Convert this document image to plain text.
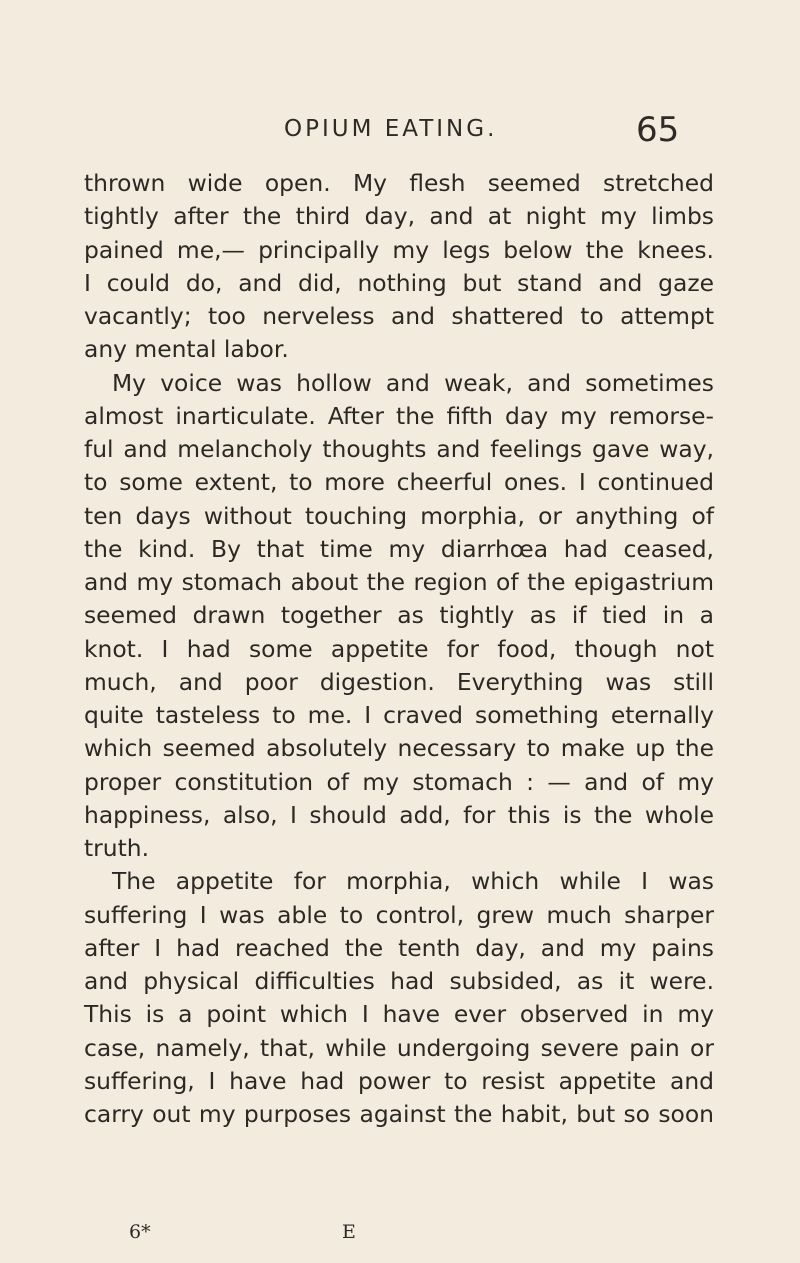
OPIUM EATING.	65
thrown wide open. My flesh seemed stretched
tightly after the third day, and at night my limbs
pained me,— principally my legs below the knees.
I could do, and did, nothing but stand and gaze
vacantly; too nerveless and shattered to attempt
any mental labor.
My voice was hollow and weak, and sometimes
almost inarticulate. After the fifth day my remorse-
ful and melancholy thoughts and feelings gave way,
to some extent, to more cheerful ones. I continued
ten days without touching morphia, or anything of
the kind. By that time my diarrhœa had ceased,
and my stomach about the region of the epigastrium
seemed drawn together as tightly as if tied in a
knot. I had some appetite for food, though not
much, and poor digestion. Everything was still
quite tasteless to me. I craved something eternally
which seemed absolutely necessary to make up the
proper constitution of my stomach : — and of my
happiness, also, I should add, for this is the whole
truth.
The appetite for morphia, which while I was
suffering I was able to control, grew much sharper
after I had reached the tenth day, and my pains
and physical difficulties had subsided, as it were.
This is a point which I have ever observed in my
case, namely, that, while undergoing severe pain or
suffering, I have had power to resist appetite and
carry out my purposes against the habit, but so soon
6*	E
